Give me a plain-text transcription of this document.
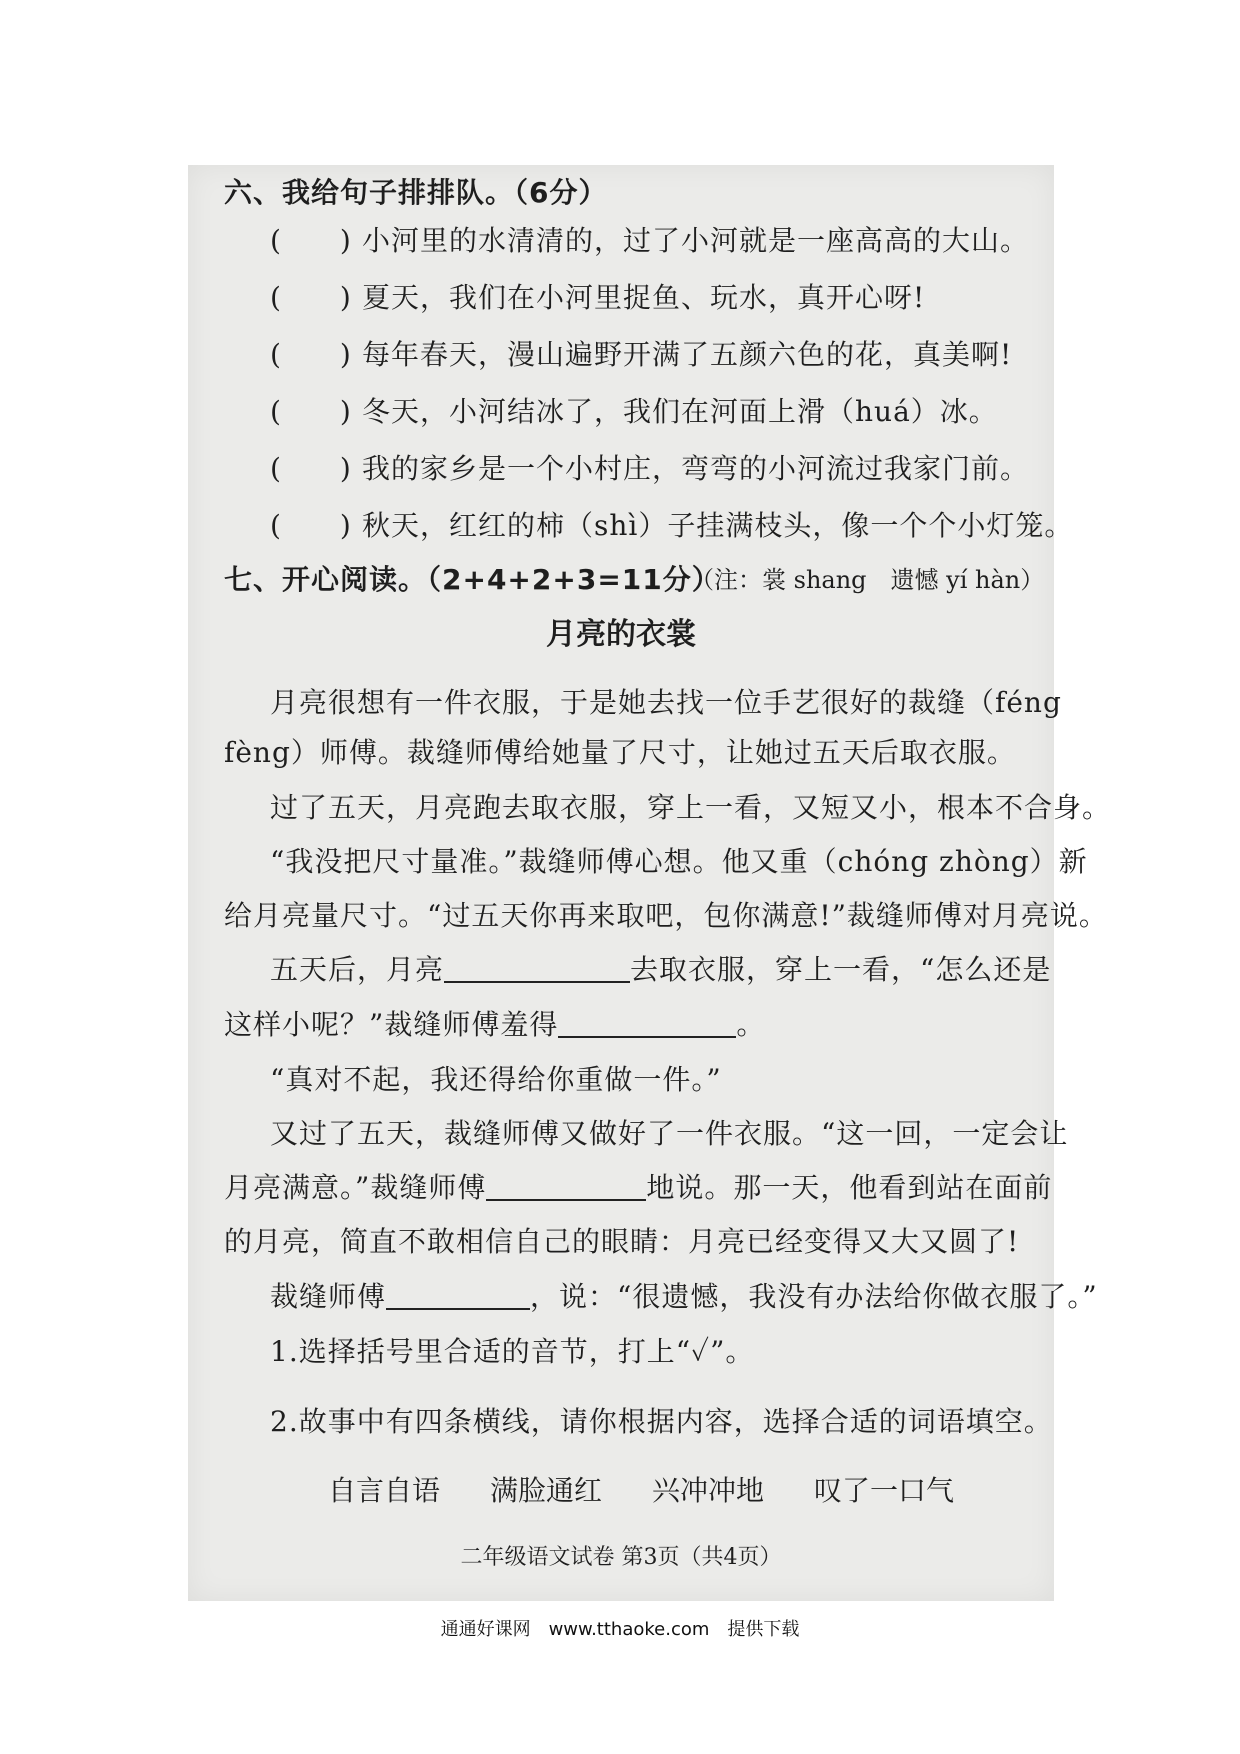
六、我给句子排排队。（6分）
(　　) 小河里的水清清的，过了小河就是一座高高的大山。
(　　) 夏天，我们在小河里捉鱼、玩水，真开心呀!
(　　) 每年春天，漫山遍野开满了五颜六色的花，真美啊!
(　　) 冬天，小河结冰了，我们在河面上滑（huá）冰。
(　　) 我的家乡是一个小村庄，弯弯的小河流过我家门前。
(　　) 秋天，红红的柿（shì）子挂满枝头，像一个个小灯笼。
七、开心阅读。（2+4+2+3=11分）
（注：裳 shang　遗憾 yí hàn）
月亮的衣裳
月亮很想有一件衣服，于是她去找一位手艺很好的裁缝（féng
fèng）师傅。裁缝师傅给她量了尺寸，让她过五天后取衣服。
过了五天，月亮跑去取衣服，穿上一看，又短又小，根本不合身。
“我没把尺寸量准。”裁缝师傅心想。他又重（chóng zhòng）新
给月亮量尺寸。“过五天你再来取吧，包你满意!”裁缝师傅对月亮说。
五天后，月亮	去取衣服，穿上一看，“怎么还是
这样小呢？”裁缝师傅羞得	。
“真对不起，我还得给你重做一件。”
又过了五天，裁缝师傅又做好了一件衣服。“这一回，一定会让
月亮满意。”裁缝师傅	地说。那一天，他看到站在面前
的月亮，简直不敢相信自己的眼睛：月亮已经变得又大又圆了!
裁缝师傅	，说：“很遗憾，我没有办法给你做衣服了。”
1.选择括号里合适的音节，打上“✓”。
2.故事中有四条横线，请你根据内容，选择合适的词语填空。
自言自语 满脸通红 兴冲冲地 叹了一口气
二年级语文试卷 第3页（共4页）
通通好课网　www.tthaoke.com　提供下载
